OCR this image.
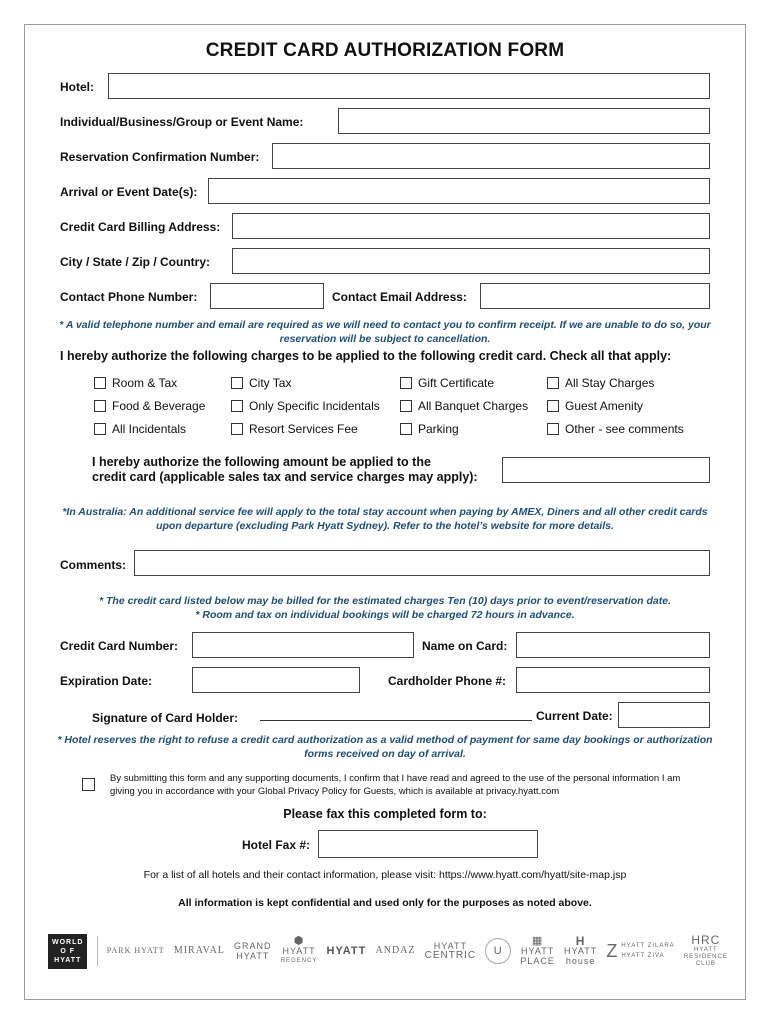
CREDIT CARD AUTHORIZATION FORM
Hotel:
Individual/Business/Group or Event Name:
Reservation Confirmation Number:
Arrival or Event Date(s):
Credit Card Billing Address:
City / State / Zip / Country:
Contact Phone Number:	Contact Email Address:
* A valid telephone number and email are required as we will need to contact you to confirm receipt. If we are unable to do so, your
reservation will be subject to cancellation.
I hereby authorize the following charges to be applied to the following credit card. Check all that apply:
Room & Tax	City Tax	Gift Certificate	All Stay Charges
Food & Beverage	Only Specific Incidentals	All Banquet Charges	Guest Amenity
All Incidentals	Resort Services Fee	Parking	Other - see comments
I hereby authorize the following amount be applied to the
credit card (applicable sales tax and service charges may apply):
*In Australia: An additional service fee will apply to the total stay account when paying by AMEX, Diners and all other credit cards
upon departure (excluding Park Hyatt Sydney). Refer to the hotel’s website for more details.
Comments:
* The credit card listed below may be billed for the estimated charges Ten (10) days prior to event/reservation date.
* Room and tax on individual bookings will be charged 72 hours in advance.
Credit Card Number:	Name on Card:
Expiration Date:	Cardholder Phone #:
Signature of Card Holder:	Current Date:
* Hotel reserves the right to refuse a credit card authorization as a valid method of payment for same day bookings or authorization
forms received on day of arrival.
By submitting this form and any supporting documents, I confirm that I have read and agreed to the use of the personal information I am
giving you in accordance with your Global Privacy Policy for Guests, which is available at privacy.hyatt.com
Please fax this completed form to:
Hotel Fax #:
For a list of all hotels and their contact information, please visit: https://www.hyatt.com/hyatt/site-map.jsp
All information is kept confidential and used only for the purposes as noted above.
WORLD
O F
HYATT
PARK HYATT MIRAVAL GRAND
HYATT
⬢
HYATT
REGENCY
HYATT ANDAZ	HYATT
CENTRIC	U
▦
HYATT
PLACE
H
HYATT
house Z HYATT ZILARA
HYATT ZIVA
HRC
HYATT
RESIDENCE
CLUB
